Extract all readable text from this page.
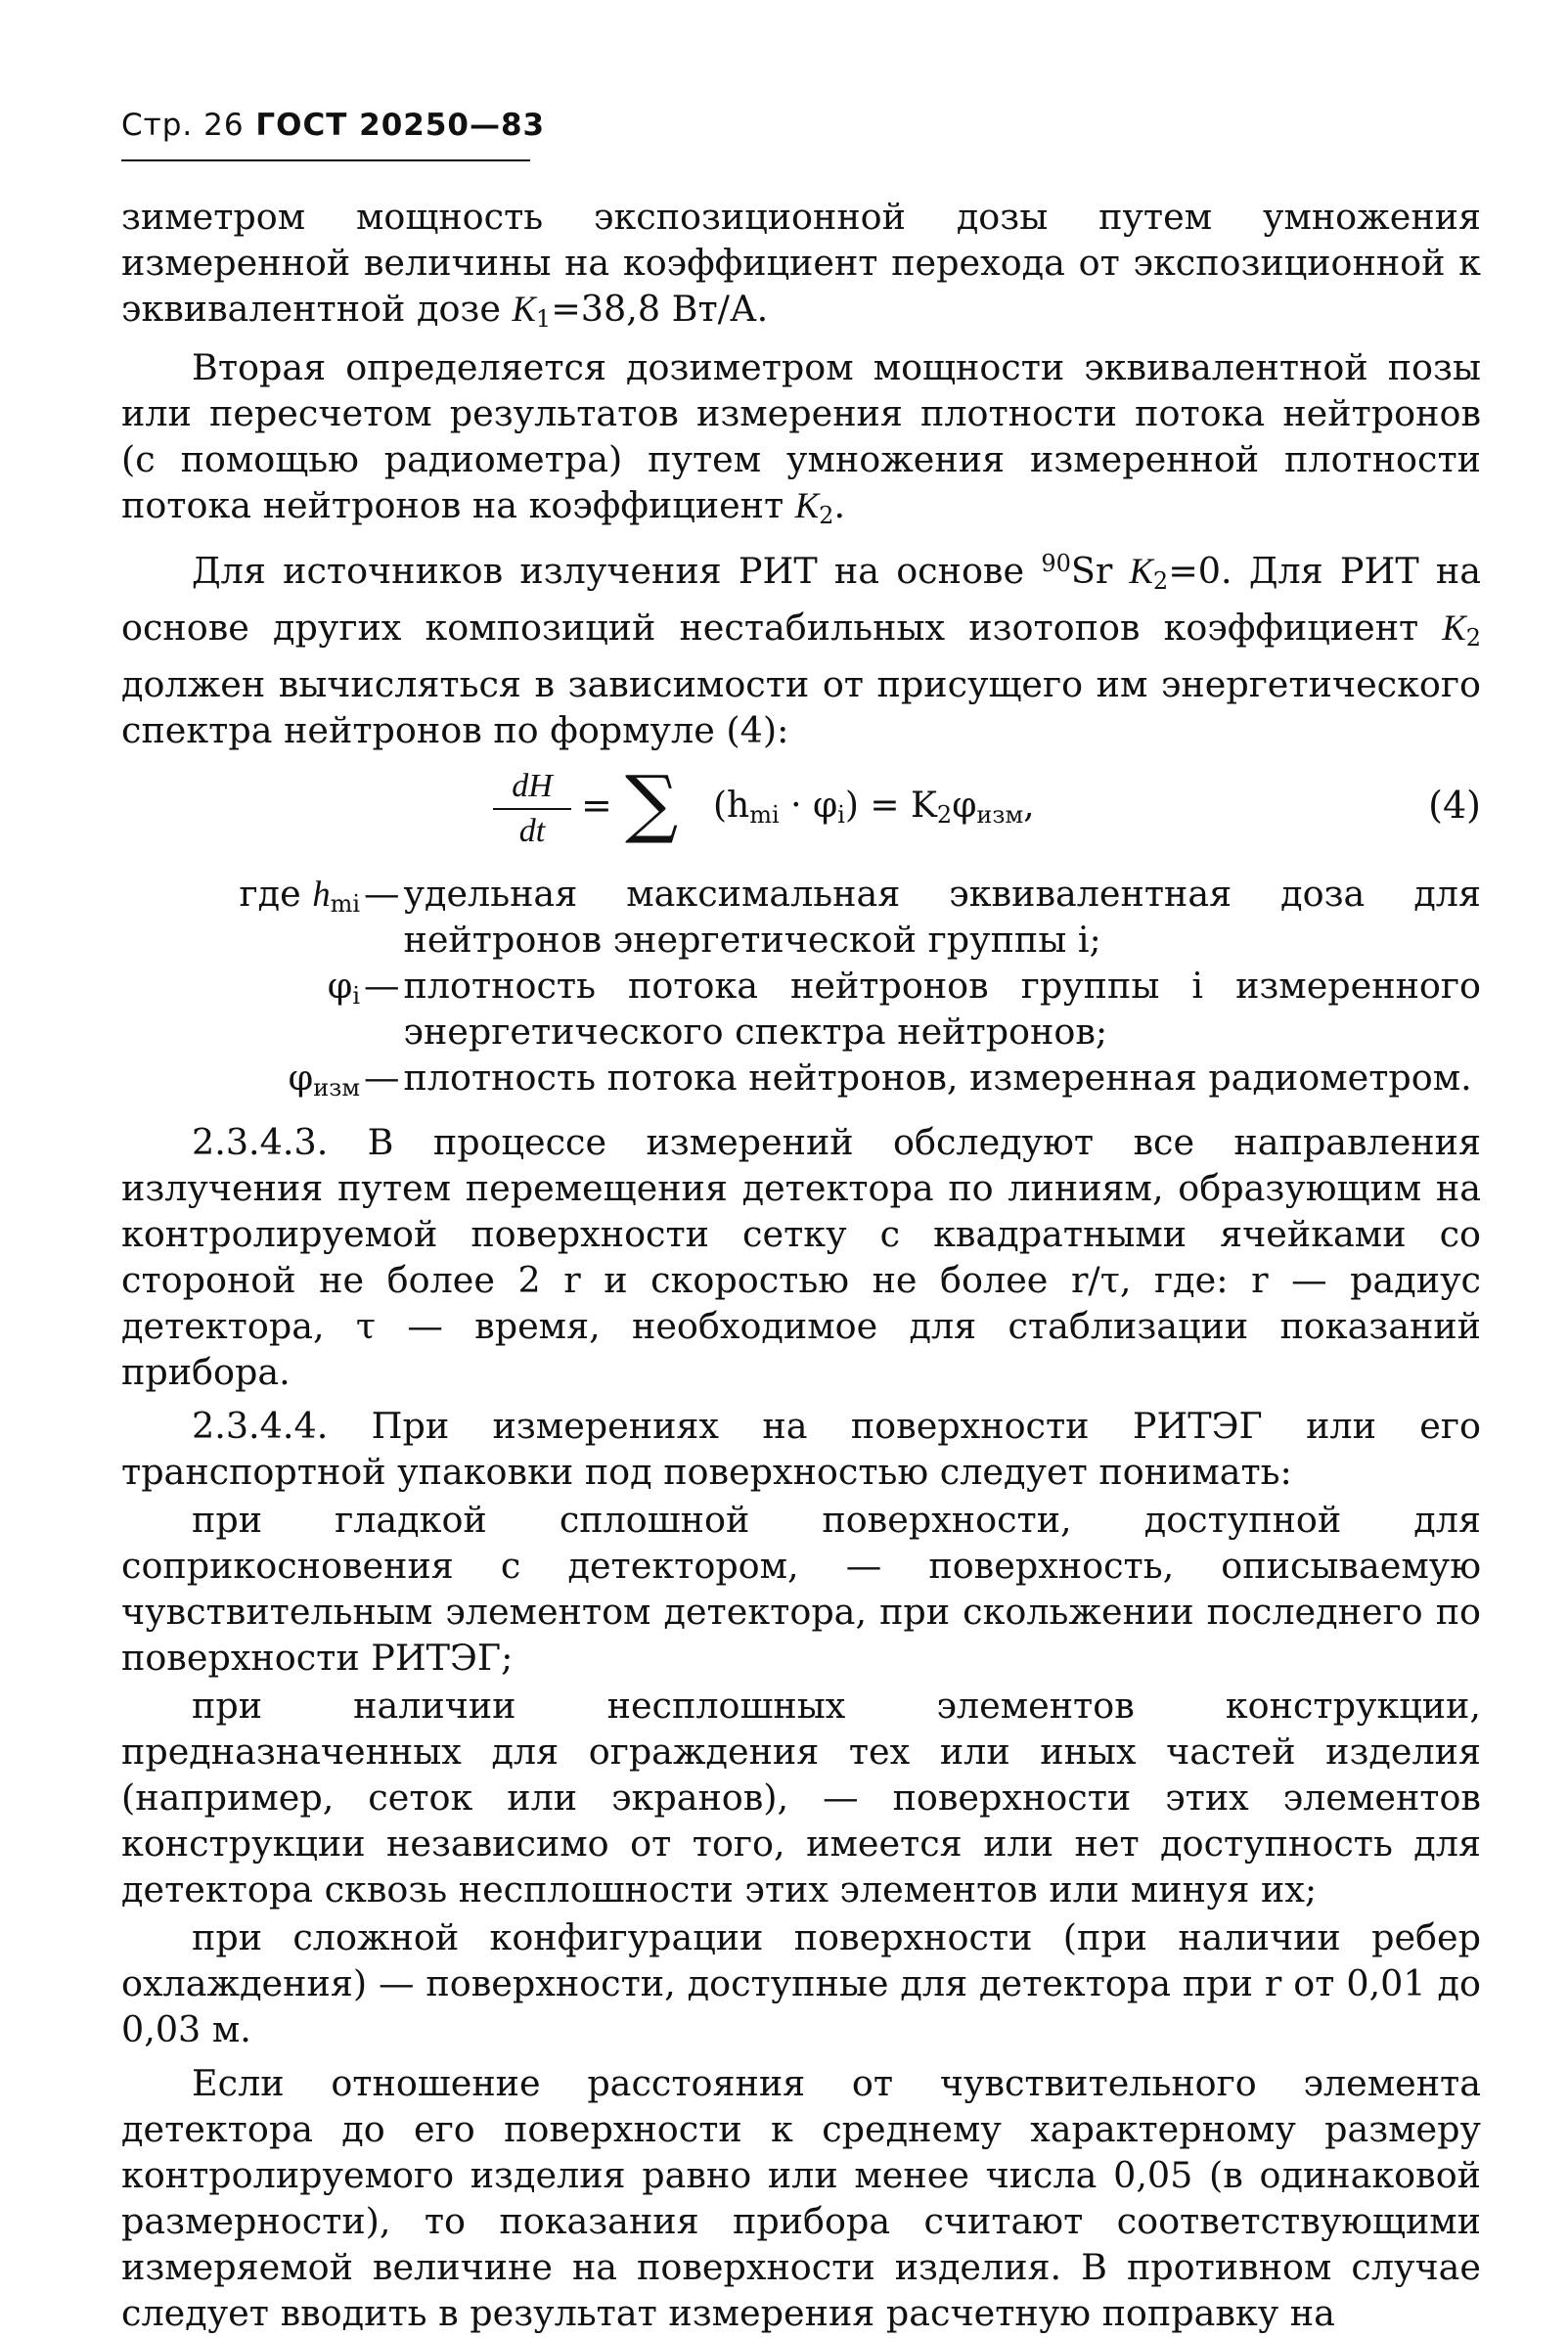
Стр. 26 ГОСТ 20250—83

зиметром мощность экспозиционной дозы путем умножения измеренной величины на коэффициент перехода от экспозиционной к эквивалентной дозе $K_1=38,8$ Вт/А.

Вторая определяется дозиметром мощности эквивалентной позы или пересчетом результатов измерения плотности потока нейтронов (с помощью радиометра) путем умножения измеренной плотности потока нейтронов на коэффициент $K_2$.

Для источников излучения РИТ на основе $^{90}$Sr $K_2=0$. Для РИТ на основе других композиций нестабильных изотопов коэффициент $K_2$ должен вычисляться в зависимости от присущего им энергетического спектра нейтронов по формуле (4):

dH
dt
= ∑ $(h_{mi} \cdot \varphi_i) = K_2\varphi_{изм}$,	(4)
где $h_{mi}$ — удельная максимальная эквивалентная доза для нейтронов энергетической группы i;
$\varphi_i$ — плотность потока нейтронов группы i измеренного энергетического спектра нейтронов;
$\varphi_{изм}$ — плотность потока нейтронов, измеренная радиометром.

2.3.4.3. В процессе измерений обследуют все направления излучения путем перемещения детектора по линиям, образующим на контролируемой поверхности сетку с квадратными ячейками со стороной не более 2 r и скоростью не более r/τ, где: r — радиус детектора, τ — время, необходимое для стаблизации показаний прибора.

2.3.4.4. При измерениях на поверхности РИТЭГ или его транспортной упаковки под поверхностью следует понимать:

при гладкой сплошной поверхности, доступной для соприкосновения с детектором, — поверхность, описываемую чувствительным элементом детектора, при скольжении последнего по поверхности РИТЭГ;

при наличии несплошных элементов конструкции, предназначенных для ограждения тех или иных частей изделия (например, сеток или экранов), — поверхности этих элементов конструкции независимо от того, имеется или нет доступность для детектора сквозь несплошности этих элементов или минуя их;

при сложной конфигурации поверхности (при наличии ребер охлаждения) — поверхности, доступные для детектора при r от 0,01 до 0,03 м.

Если отношение расстояния от чувствительного элемента детектора до его поверхности к среднему характерному размеру контролируемого изделия равно или менее числа 0,05 (в одинаковой размерности), то показания прибора считают соответствующими измеряемой величине на поверхности изделия. В противном случае следует вводить в результат измерения расчетную поправку на
